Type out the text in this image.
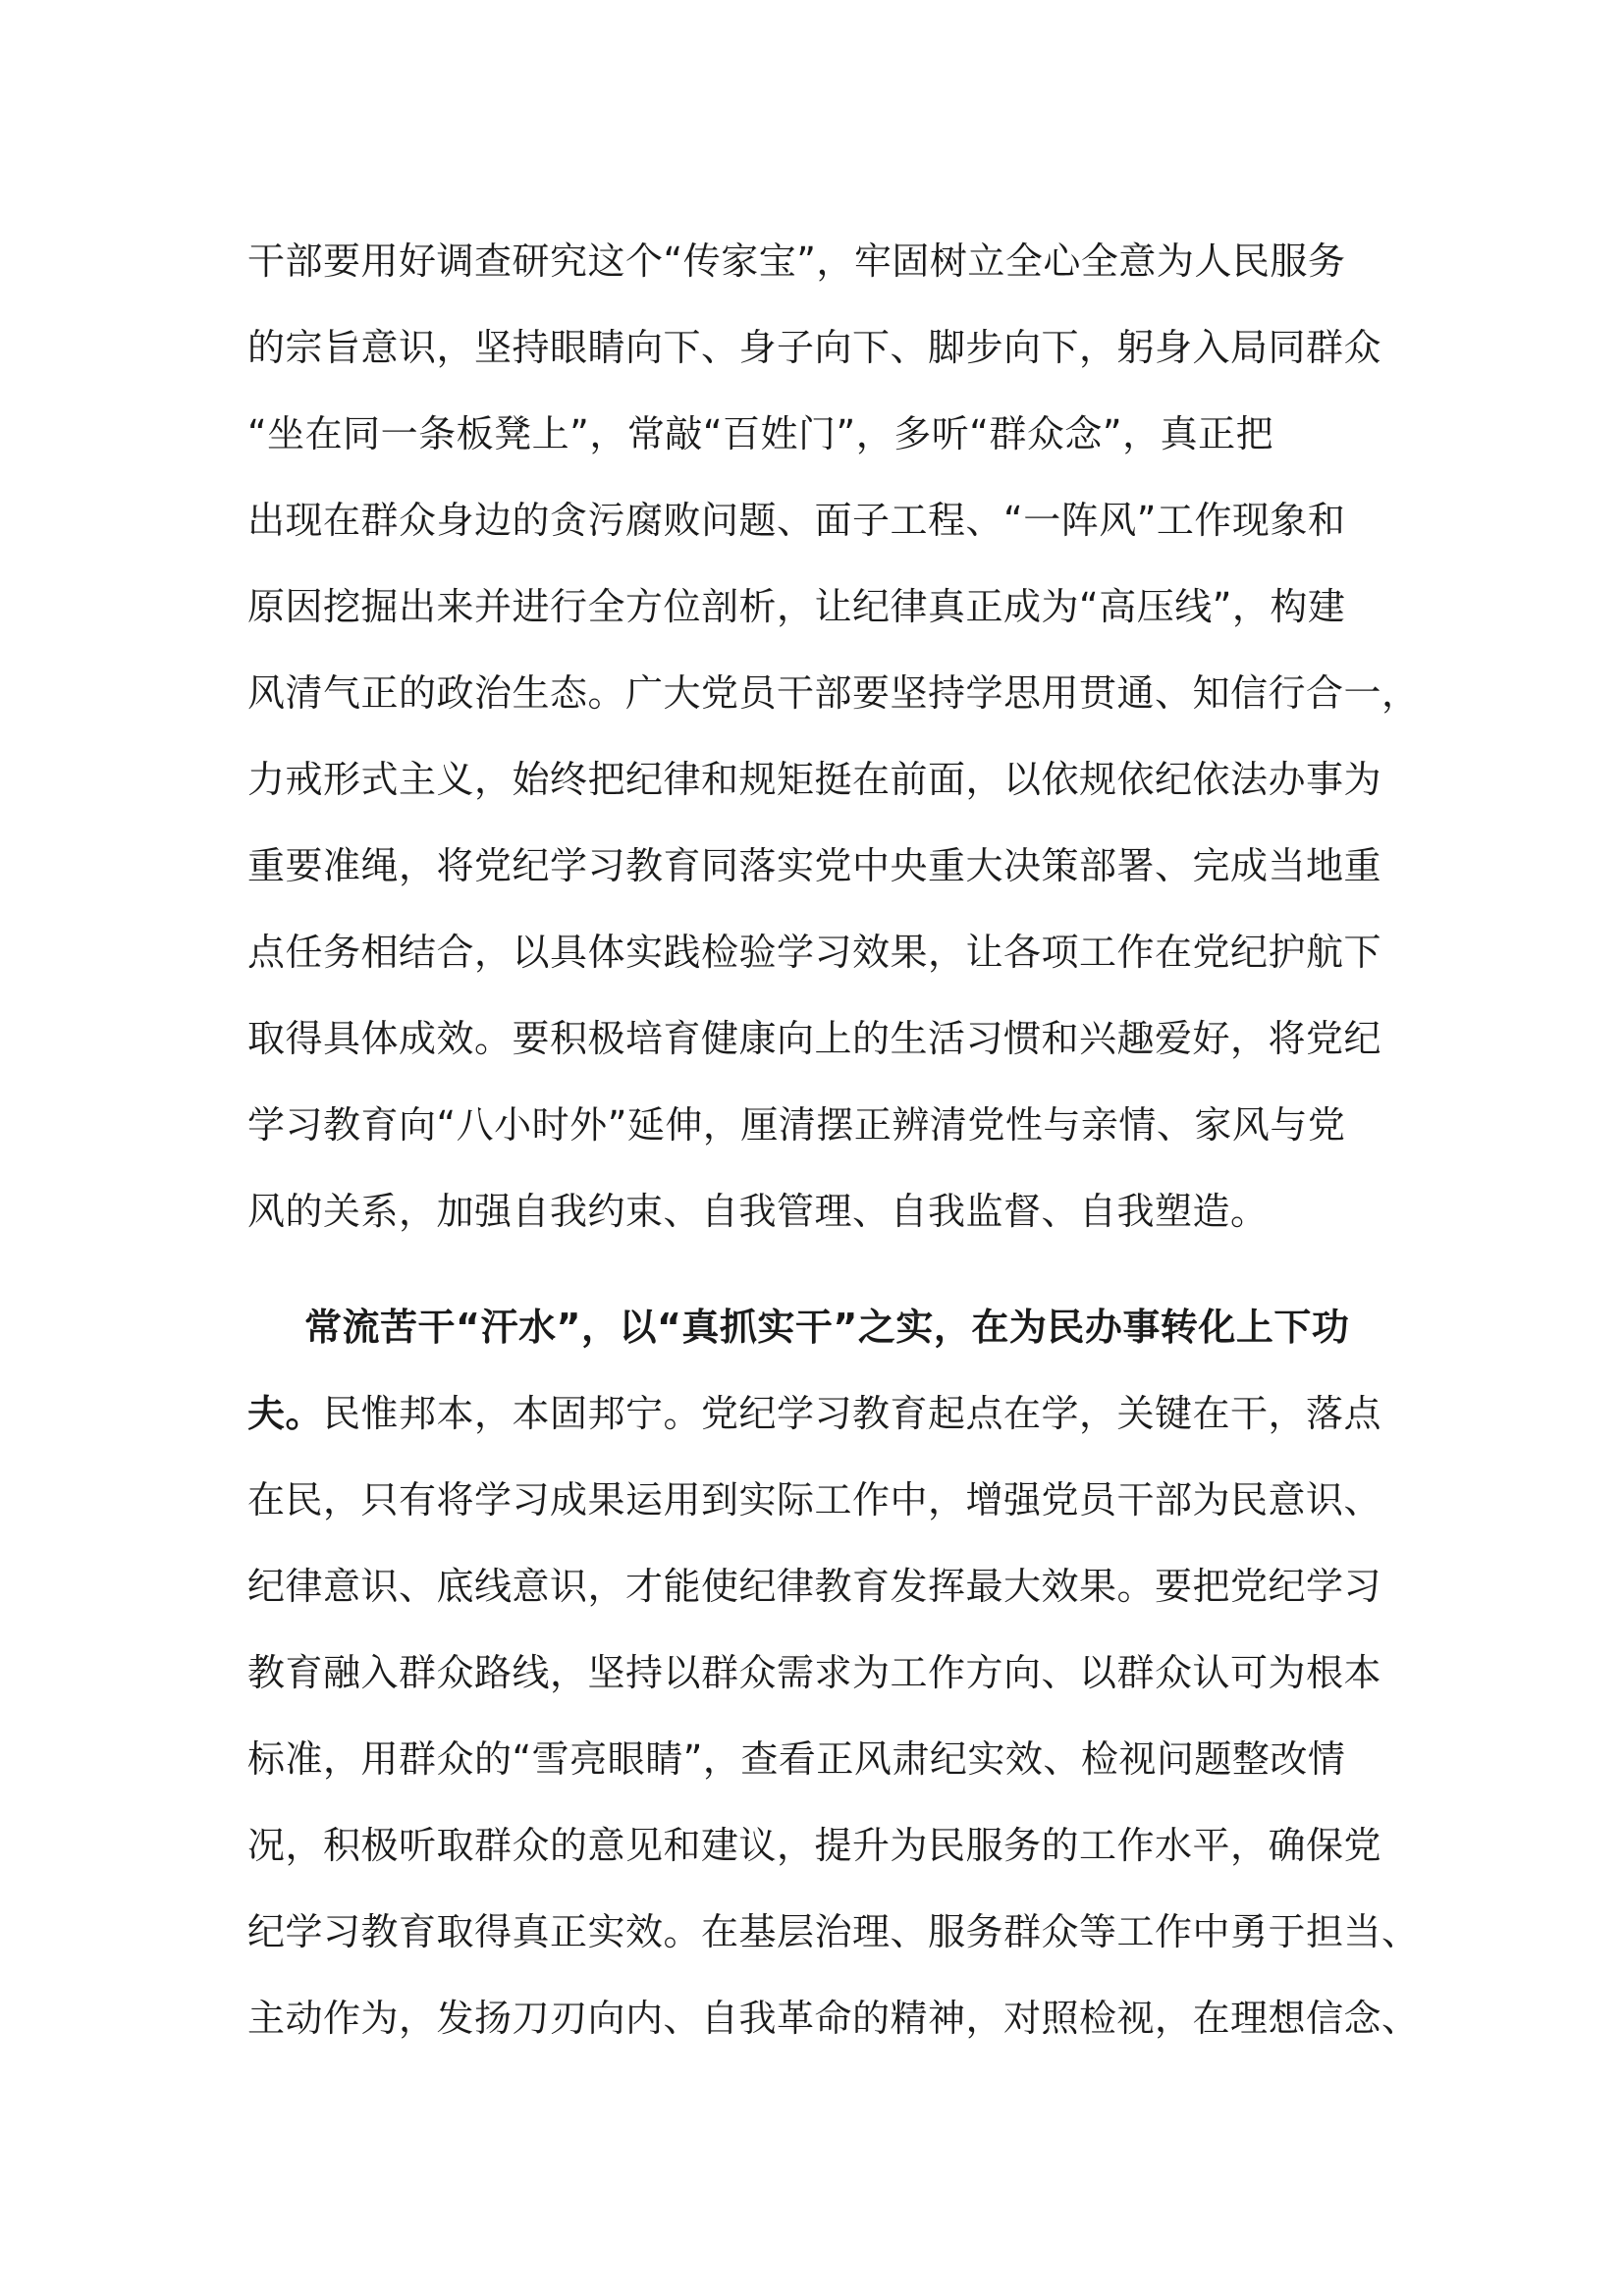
干部要用好调查研究这个“传家宝”，牢固树立全心全意为人民服务
的宗旨意识，坚持眼睛向下、身子向下、脚步向下，躬身入局同群众
“坐在同一条板凳上”，常敲“百姓门”，多听“群众念”，真正把
出现在群众身边的贪污腐败问题、面子工程、“一阵风”工作现象和
原因挖掘出来并进行全方位剖析，让纪律真正成为“高压线”，构建
风清气正的政治生态。广大党员干部要坚持学思用贯通、知信行合一，
力戒形式主义，始终把纪律和规矩挺在前面，以依规依纪依法办事为
重要准绳，将党纪学习教育同落实党中央重大决策部署、完成当地重
点任务相结合，以具体实践检验学习效果，让各项工作在党纪护航下
取得具体成效。要积极培育健康向上的生活习惯和兴趣爱好，将党纪
学习教育向“八小时外”延伸，厘清摆正辨清党性与亲情、家风与党
风的关系，加强自我约束、自我管理、自我监督、自我塑造。
常流苦干“汗水”，以“真抓实干”之实，在为民办事转化上下功
夫。民惟邦本，本固邦宁。党纪学习教育起点在学，关键在干，落点
在民，只有将学习成果运用到实际工作中，增强党员干部为民意识、
纪律意识、底线意识，才能使纪律教育发挥最大效果。要把党纪学习
教育融入群众路线，坚持以群众需求为工作方向、以群众认可为根本
标准，用群众的“雪亮眼睛”，查看正风肃纪实效、检视问题整改情
况，积极听取群众的意见和建议，提升为民服务的工作水平，确保党
纪学习教育取得真正实效。在基层治理、服务群众等工作中勇于担当、
主动作为，发扬刀刃向内、自我革命的精神，对照检视，在理想信念、
